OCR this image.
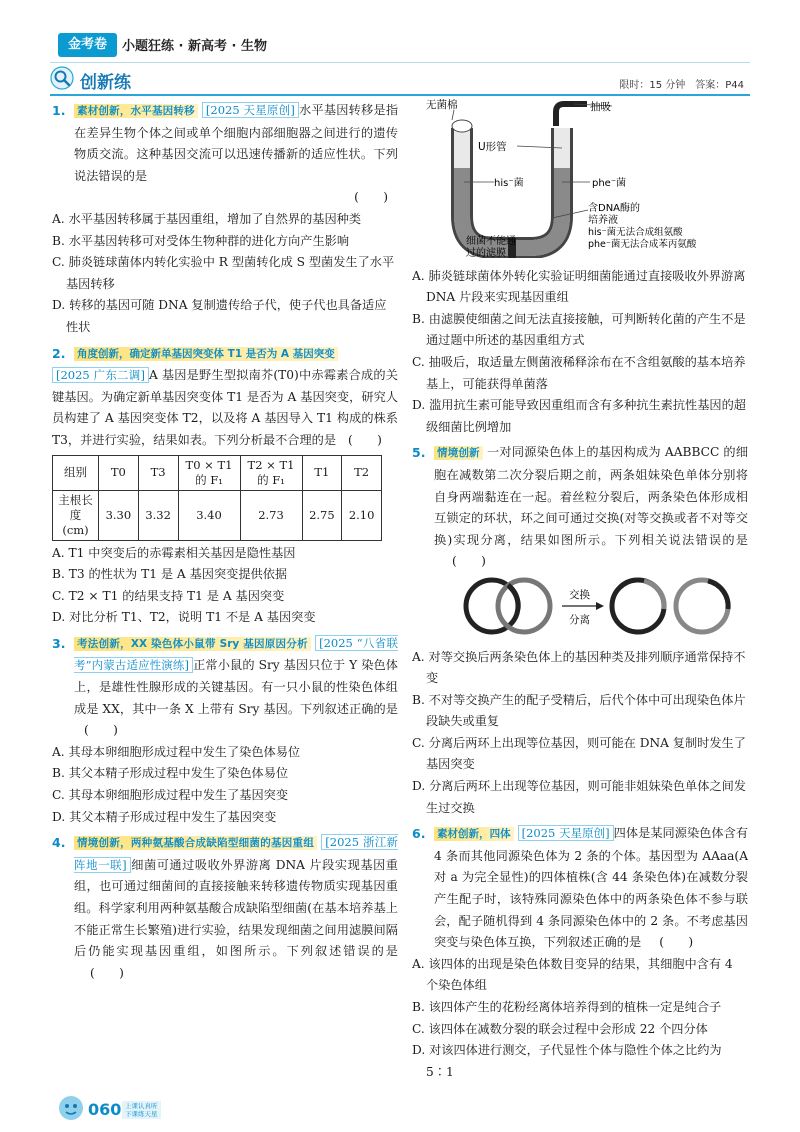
金考卷	小题狂练 · 新高考 · 生物
创新练	限时：15 分钟　答案：P44
1. 素材创新，水平基因转移 [2025 天星原创] 水平基因转移是指在差异生物个体之间或单个细胞内部细胞器之间进行的遗传物质交流。这种基因交流可以迅速传播新的适应性状。下列说法错误的是
(　　)
A. 水平基因转移属于基因重组，增加了自然界的基因种类
B. 水平基因转移可对受体生物种群的进化方向产生影响
C. 肺炎链球菌体内转化实验中 R 型菌转化成 S 型菌发生了水平基因转移
D. 转移的基因可随 DNA 复制遗传给子代，使子代也具备适应性状
2. 角度创新，确定新单基因突变体 T1 是否为 A 基因突变
[2025 广东二调] A 基因是野生型拟南芥(T0)中赤霉素合成的关键基因。为确定新单基因突变体 T1 是否为 A 基因突变，研究人员构建了 A 基因突变体 T2，以及将 A 基因导入 T1 构成的株系 T3，并进行实验，结果如表。下列分析最不合理的是 (　　)
组别	T0	T3	T0 × T1 的 F₁	T2 × T1 的 F₁	T1	T2
主根长度(cm)	3.30	3.32	3.40	2.73	2.75	2.10
A. T1 中突变后的赤霉素相关基因是隐性基因
B. T3 的性状为 T1 是 A 基因突变提供依据
C. T2 × T1 的结果支持 T1 是 A 基因突变
D. 对比分析 T1、T2，说明 T1 不是 A 基因突变
3. 考法创新，XX 染色体小鼠带 Sry 基因原因分析 [2025 “八省联考”内蒙古适应性演练] 正常小鼠的 Sry 基因只位于 Y 染色体上，是雄性性腺形成的关键基因。有一只小鼠的性染色体组成是 XX，其中一条 X 上带有 Sry 基因。下列叙述正确的是(　　)
A. 其母本卵细胞形成过程中发生了染色体易位
B. 其父本精子形成过程中发生了染色体易位
C. 其母本卵细胞形成过程中发生了基因突变
D. 其父本精子形成过程中发生了基因突变
4. 情境创新，两种氨基酸合成缺陷型细菌的基因重组 [2025 浙江新阵地一联] 细菌可通过吸收外界游离 DNA 片段实现基因重组，也可通过细菌间的直接接触来转移遗传物质实现基因重组。科学家利用两种氨基酸合成缺陷型细菌(在基本培养基上不能正常生长繁殖)进行实验，结果发现细菌之间用滤膜间隔后仍能实现基因重组，如图所示。下列叙述错误的是(　　)
无菌棉	抽吸
U形管
his⁻菌	phe⁻菌
含DNA酶的
培养液
his⁻菌无法合成组氨酸
phe⁻菌无法合成苯丙氨酸
细菌不能通
过的滤膜
A. 肺炎链球菌体外转化实验证明细菌能通过直接吸收外界游离 DNA 片段来实现基因重组
B. 由滤膜使细菌之间无法直接接触，可判断转化菌的产生不是通过题中所述的基因重组方式
C. 抽吸后，取适量左侧菌液稀释涂布在不含组氨酸的基本培养基上，可能获得单菌落
D. 滥用抗生素可能导致因重组而含有多种抗生素抗性基因的超级细菌比例增加
5. 情境创新 一对同源染色体上的基因构成为 AABBCC 的细胞在减数第二次分裂后期之前，两条姐妹染色单体分别将自身两端黏连在一起。着丝粒分裂后，两条染色体形成相互锁定的环状，环之间可通过交换(对等交换或者不对等交换)实现分离，结果如图所示。下列相关说法错误的是(　　)
交换
分离
A. 对等交换后两条染色体上的基因种类及排列顺序通常保持不变
B. 不对等交换产生的配子受精后，后代个体中可出现染色体片段缺失或重复
C. 分离后两环上出现等位基因，则可能在 DNA 复制时发生了基因突变
D. 分离后两环上出现等位基因，则可能非姐妹染色单体之间发生过交换
6. 素材创新，四体 [2025 天星原创] 四体是某同源染色体含有 4 条而其他同源染色体为 2 条的个体。基因型为 AAaa(A 对 a 为完全显性)的四体植株(含 44 条染色体)在减数分裂产生配子时，该特殊同源染色体中的两条染色体不参与联会，配子随机得到 4 条同源染色体中的 2 条。不考虑基因突变与染色体互换，下列叙述正确的是 (　　)
A. 该四体的出现是染色体数目变异的结果，其细胞中含有 4 个染色体组
B. 该四体产生的花粉经离体培养得到的植株一定是纯合子
C. 该四体在减数分裂的联会过程中会形成 22 个四分体
D. 对该四体进行测交，子代显性个体与隐性个体之比约为 5∶1
060 上课认真听
下课练天星
